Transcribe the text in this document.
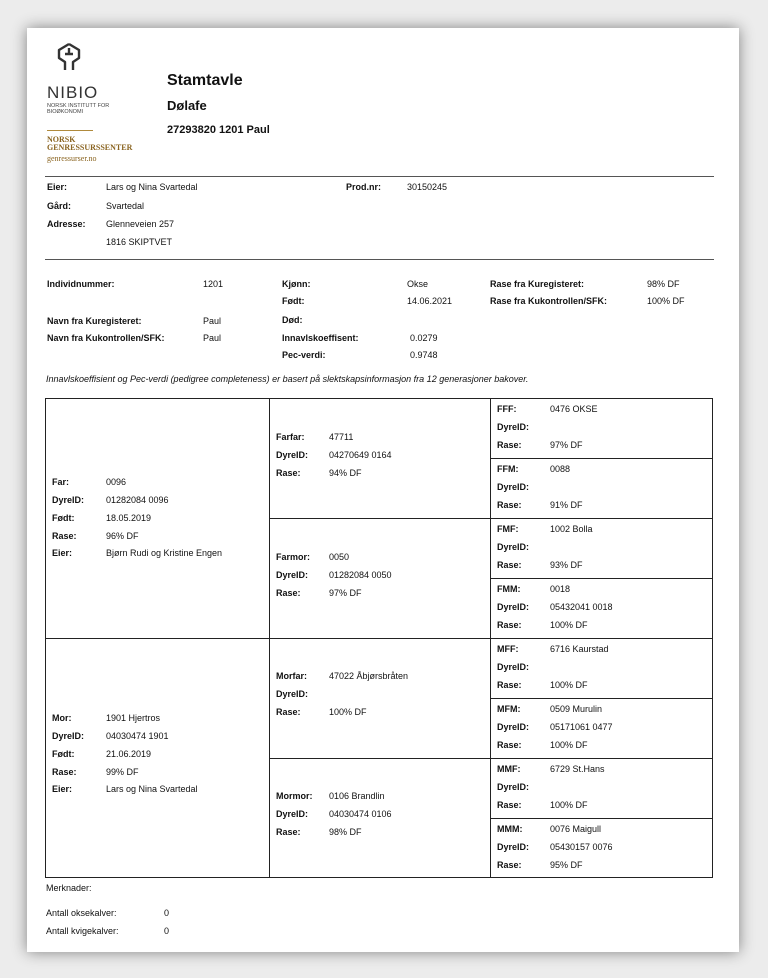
NIBIO
NORSK INSTITUTT FOR
BIOØKONOMI
NORSK
GENRESSURSSENTER
genressurser.no
Stamtavle
Dølafe
27293820 1201 Paul
Eier:	Lars og Nina Svartedal	Prod.nr:	30150245
Gård:	Svartedal
Adresse: Glenneveien 257
1816 SKIPTVET
Individnummer:	1201	Kjønn:	Okse	Rase fra Kuregisteret:	98% DF
Født:	14.06.2021	Rase fra Kukontrollen/SFK:	100% DF
Død:
Navn fra Kuregisteret:	Paul
Navn fra Kukontrollen/SFK:	Paul	Innavlskoeffisent:	0.0279
Pec-verdi:	0.9748
Innavlskoeffisient og Pec-verdi (pedigree completeness) er basert på slektskapsinformasjon fra 12 generasjoner bakover.
Far:	0096
DyreID: 01282084 0096
Født:	18.05.2019
Rase:	96% DF
Eier:	Bjørn Rudi og Kristine Engen
Mor:	1901 Hjertros
DyreID: 04030474 1901
Født:	21.06.2019
Rase:	99% DF
Eier:	Lars og Nina Svartedal
Farfar:	47711
DyreID: 04270649 0164
Rase:	94% DF
Farmor: 0050
DyreID: 01282084 0050
Rase:	97% DF
Morfar: 47022 Åbjørsbråten
DyreID:
Rase:	100% DF
Mormor: 0106 Brandlin
DyreID: 04030474 0106
Rase:	98% DF
FFF:	0476 OKSE
DyreID:
Rase:	97% DF
FFM:	0088
DyreID:
Rase:	91% DF
FMF:	1002 Bolla
DyreID:
Rase:	93% DF
FMM:	0018
DyreID: 05432041 0018
Rase:	100% DF
MFF:	6716 Kaurstad
DyreID:
Rase:	100% DF
MFM:	0509 Murulin
DyreID: 05171061 0477
Rase:	100% DF
MMF:	6729 St.Hans
DyreID:
Rase:	100% DF
MMM:	0076 Maigull
DyreID: 05430157 0076
Rase:	95% DF
Merknader:
Antall oksekalver:	0
Antall kvigekalver:	0
